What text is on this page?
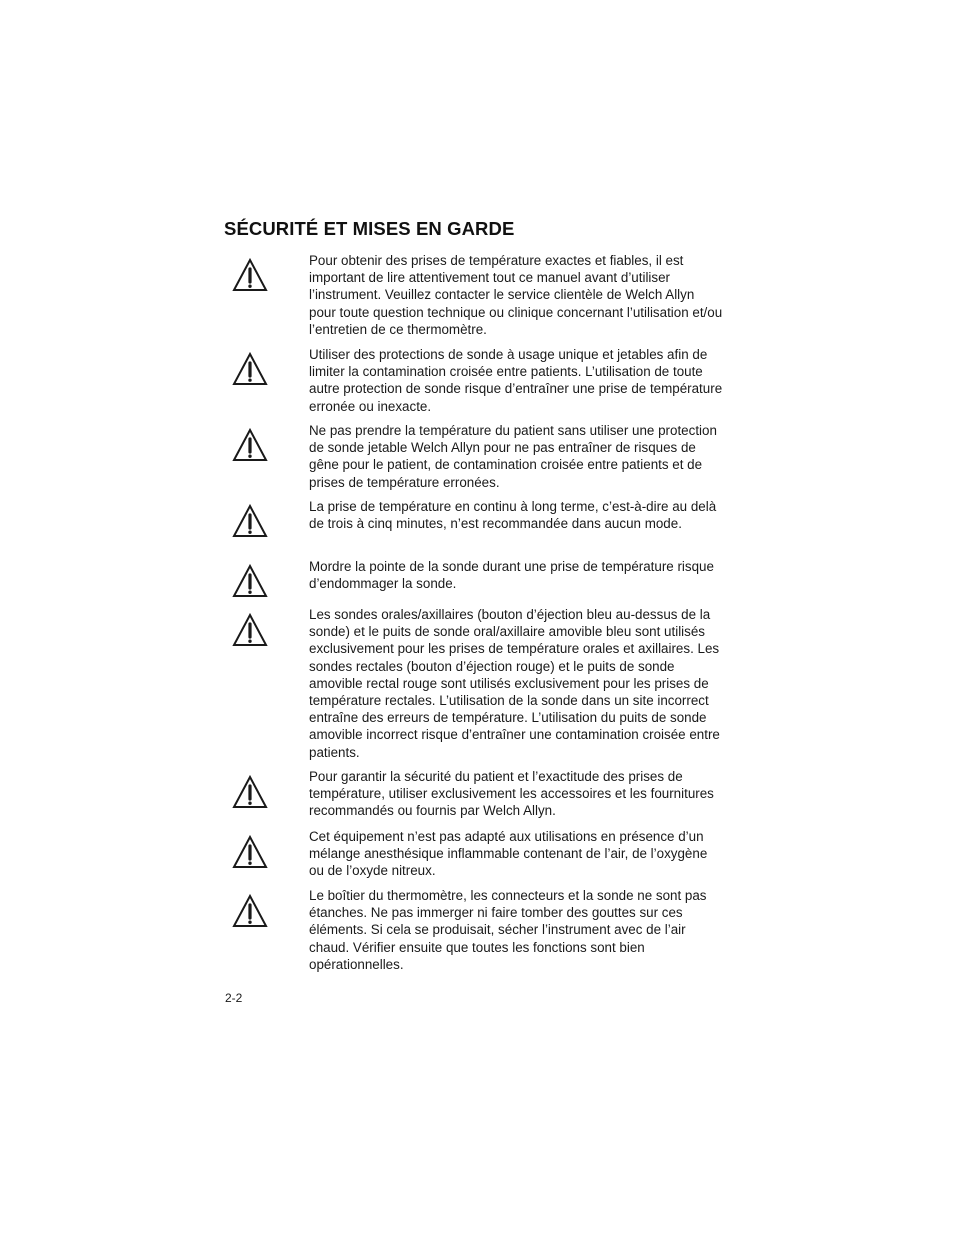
SÉCURITÉ ET MISES EN GARDE

Pour obtenir des prises de température exactes et fiables, il est important de lire attentivement tout ce manuel avant d’utiliser l’instrument. Veuillez contacter le service clientèle de Welch Allyn pour toute question technique ou clinique concernant l’utilisation et/ou l’entretien de ce thermomètre.

Utiliser des protections de sonde à usage unique et jetables afin de limiter la contamination croisée entre patients. L’utilisation de toute autre protection de sonde risque d’entraîner une prise de température erronée ou inexacte.

Ne pas prendre la température du patient sans utiliser une protection de sonde jetable Welch Allyn pour ne pas entraîner de risques de gêne pour le patient, de contamination croisée entre patients et de prises de température erronées.

La prise de température en continu à long terme, c’est-à-dire au delà de trois à cinq minutes, n’est recommandée dans aucun mode.

Mordre la pointe de la sonde durant une prise de température risque d’endommager la sonde.

Les sondes orales/axillaires (bouton d’éjection bleu au-dessus de la sonde) et le puits de sonde oral/axillaire amovible bleu sont utilisés exclusivement pour les prises de température orales et axillaires. Les sondes rectales (bouton d’éjection rouge) et le puits de sonde amovible rectal rouge sont utilisés exclusivement pour les prises de température rectales. L’utilisation de la sonde dans un site incorrect entraîne des erreurs de température. L’utilisation du puits de sonde amovible incorrect risque d’entraîner une contamination croisée entre patients.

Pour garantir la sécurité du patient et l’exactitude des prises de température, utiliser exclusivement les accessoires et les fournitures recommandés ou fournis par Welch Allyn.

Cet équipement n’est pas adapté aux utilisations en présence d’un mélange anesthésique inflammable contenant de l’air, de l’oxygène ou de l’oxyde nitreux.

Le boîtier du thermomètre, les connecteurs et la sonde ne sont pas étanches. Ne pas immerger ni faire tomber des gouttes sur ces éléments. Si cela se produisait, sécher l’instrument avec de l’air chaud. Vérifier ensuite que toutes les fonctions sont bien opérationnelles.

2-2
